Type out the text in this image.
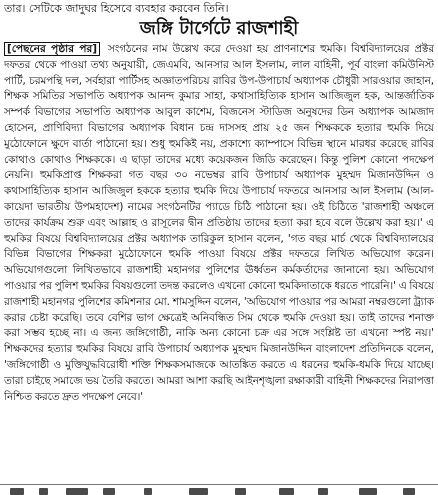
তার। সেটিকে জাদুঘর হিসেবে ব্যবহার করবেন তিনি।
জঙ্গি টার্গেটে রাজশাহী

[পেছনের পৃষ্ঠার পর] সংগঠনের নাম উল্লেখ করে দেওয়া হয় প্রাণনাশের হুমকি। বিশ্ববিদ্যালয়ের প্রক্টর দফতর থেকে পাওয়া তথ্য অনুযায়ী, জেএমবি, আনসার আল ইসলাম, লাল বাহিনী, পূর্ব বাংলা কমিউনিস্ট পার্টি, চরমপন্থি দল, সর্বহারা পার্টিসহ অজ্ঞাতপরিচয় রাবির উপ-উপাচার্য অধ্যাপক চৌধুরী সারওয়ার জাহান, শিক্ষক সমিতির সভাপতি অধ্যাপক আনন্দ কুমার সাহা, কথাসাহিত্যিক হাসান আজিজুল হক, আন্তর্জাতিক সম্পর্ক বিভাগের সভাপতি অধ্যাপক আবুল কাশেম, বিজনেস স্টাডিজ অনুষদের ডিন অধ্যাপক আমজাদ হোসেন, প্রাণিবিদ্যা বিভাগের অধ্যাপক বিধান চন্দ্র দাসসহ প্রায় ২৫ জন শিক্ষককে হত্যার হুমকি দিয়ে মুঠোফোনে ক্ষুদে বার্তা পাঠানো হয়। শুধু হুমকিই নয়, প্রকাশ্যে ক্যাম্পাসে বিভিন্ন স্থানে মারধর করেছে রাবির কোথাও কোথাও শিক্ষককে। এ ছাড়া তাদের মধ্যে কয়েকজন জিডি করেছেন। কিন্তু পুলিশ কোনো পদক্ষেপ নেয়নি। হুমকিপ্রাপ্ত শিক্ষকরা গত বছর ৩০ নভেম্বর রাবি উপাচার্য অধ্যাপক মুহম্মদ মিজানউদ্দিন ও কথাসাহিত্যিক হাসান আজিজুল হককে হত্যার হুমকি দিয়ে উপাচার্য দফতরে আনসার আল ইসলাম (আল-কায়েদা ভারতীয় উপমহাদেশ) নামের সংগঠনটির প্যাডে চিঠি পাঠানো হয়। ওই চিঠিতে 'রাজশাহী অঞ্চলে তাদের কার্যক্রম শুরু এবং আল্লাহ ও রাসূলের দ্বীন প্রতিষ্ঠায় তাদের হত্যা করা হবে বলে উল্লেখ করা হয়।' এ হুমকির বিষয়ে বিশ্ববিদ্যালয়ের প্রক্টর অধ্যাপক তারিকুল হাসান বলেন, 'গত বছর মার্চ থেকে বিশ্ববিদ্যালয়ের বিভিন্ন বিভাগের শিক্ষকরা মুঠোফোনে হুমকি পাওয়া বিষয়ে প্রক্টর দফতরে লিখিত অভিযোগ করেন। অভিযোগগুলো লিখিতভাবে রাজশাহী মহানগর পুলিশের ঊর্ধ্বতন কর্মকর্তাদের জানানো হয়। অভিযোগ পাওয়ার পর পুলিশ হুমকির বিষয়গুলো তদন্ত করলেও এখনো কোনো হুমকিদাতাকে ধরতে পারেনি।' এ বিষয়ে রাজশাহী মহানগর পুলিশের কমিশনার মো. শামসুদ্দিন বলেন, 'অভিযোগ পাওয়ার পর আমরা নম্বরগুলো ট্র্যাক করার চেষ্টা করেছি। তবে বেশির ভাগ ক্ষেত্রেই অনিবন্ধিত সিম থেকে হুমকি দেওয়া হয়। তাই তাদের শনাক্ত করা সম্ভব হচ্ছে না। এ জন্য জঙ্গিগোষ্ঠী, নাকি অন্য কোনো চক্র এর সঙ্গে সংশ্লিষ্ট তা এখনো স্পষ্ট নয়।' শিক্ষকদের হত্যার হুমকির বিষয়ে রাবি উপাচার্য অধ্যাপক মুহম্মদ মিজানউদ্দিন বাংলাদেশ প্রতিদিনকে বলেন, 'জঙ্গিগোষ্ঠী ও মুক্তিযুদ্ধবিরোধী শক্তি শিক্ষকসমাজকে আতঙ্কিত করতে এ ধরনের হুমকি-ধমকি দিয়ে যাচ্ছে। তারা চাইছে সমাজে ভয় তৈরি করতে। আমরা আশা করছি আইনশৃঙ্খলা রক্ষাকারী বাহিনী শিক্ষকদের নিরাপত্তা নিশ্চিত করতে দ্রুত পদক্ষেপ নেবে।'
